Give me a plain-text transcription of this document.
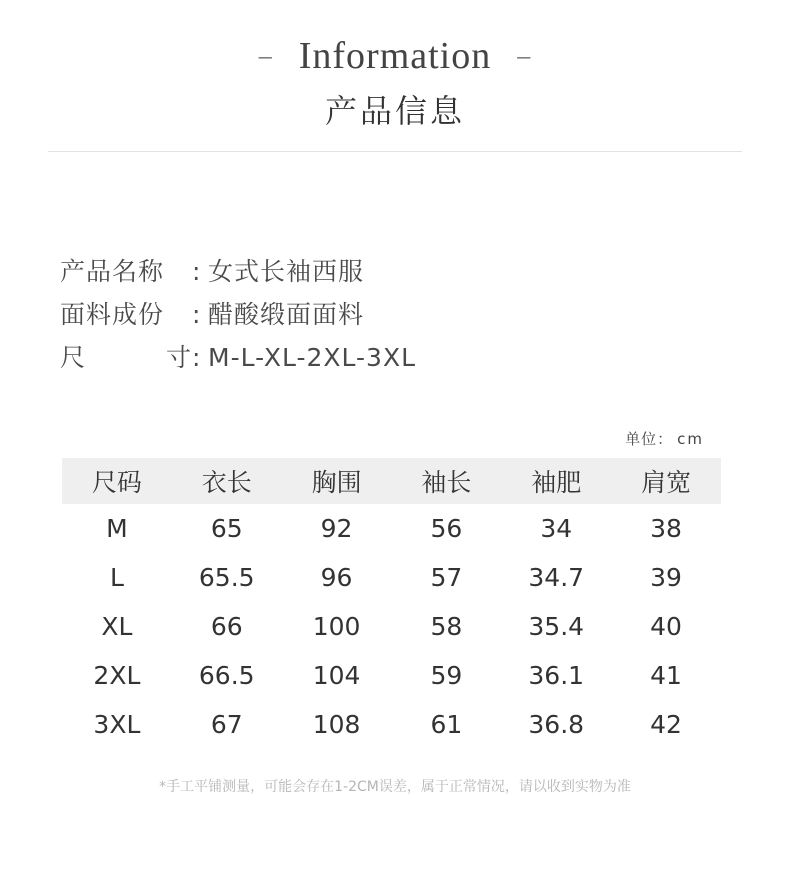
– Information –
产品信息
产品名称	: 女式长袖西服
面料成份	: 醋酸缎面面料
尺	寸 : M-L-XL-2XL-3XL
单位： cm
尺码	衣长	胸围	袖长	袖肥	肩宽
M	65	92	56	34	38
L	65.5	96	57	34.7	39
XL	66	100	58	35.4	40
2XL	66.5	104	59	36.1	41
3XL	67	108	61	36.8	42
*手工平铺测量，可能会存在1-2CM误差，属于正常情况，请以收到实物为准
